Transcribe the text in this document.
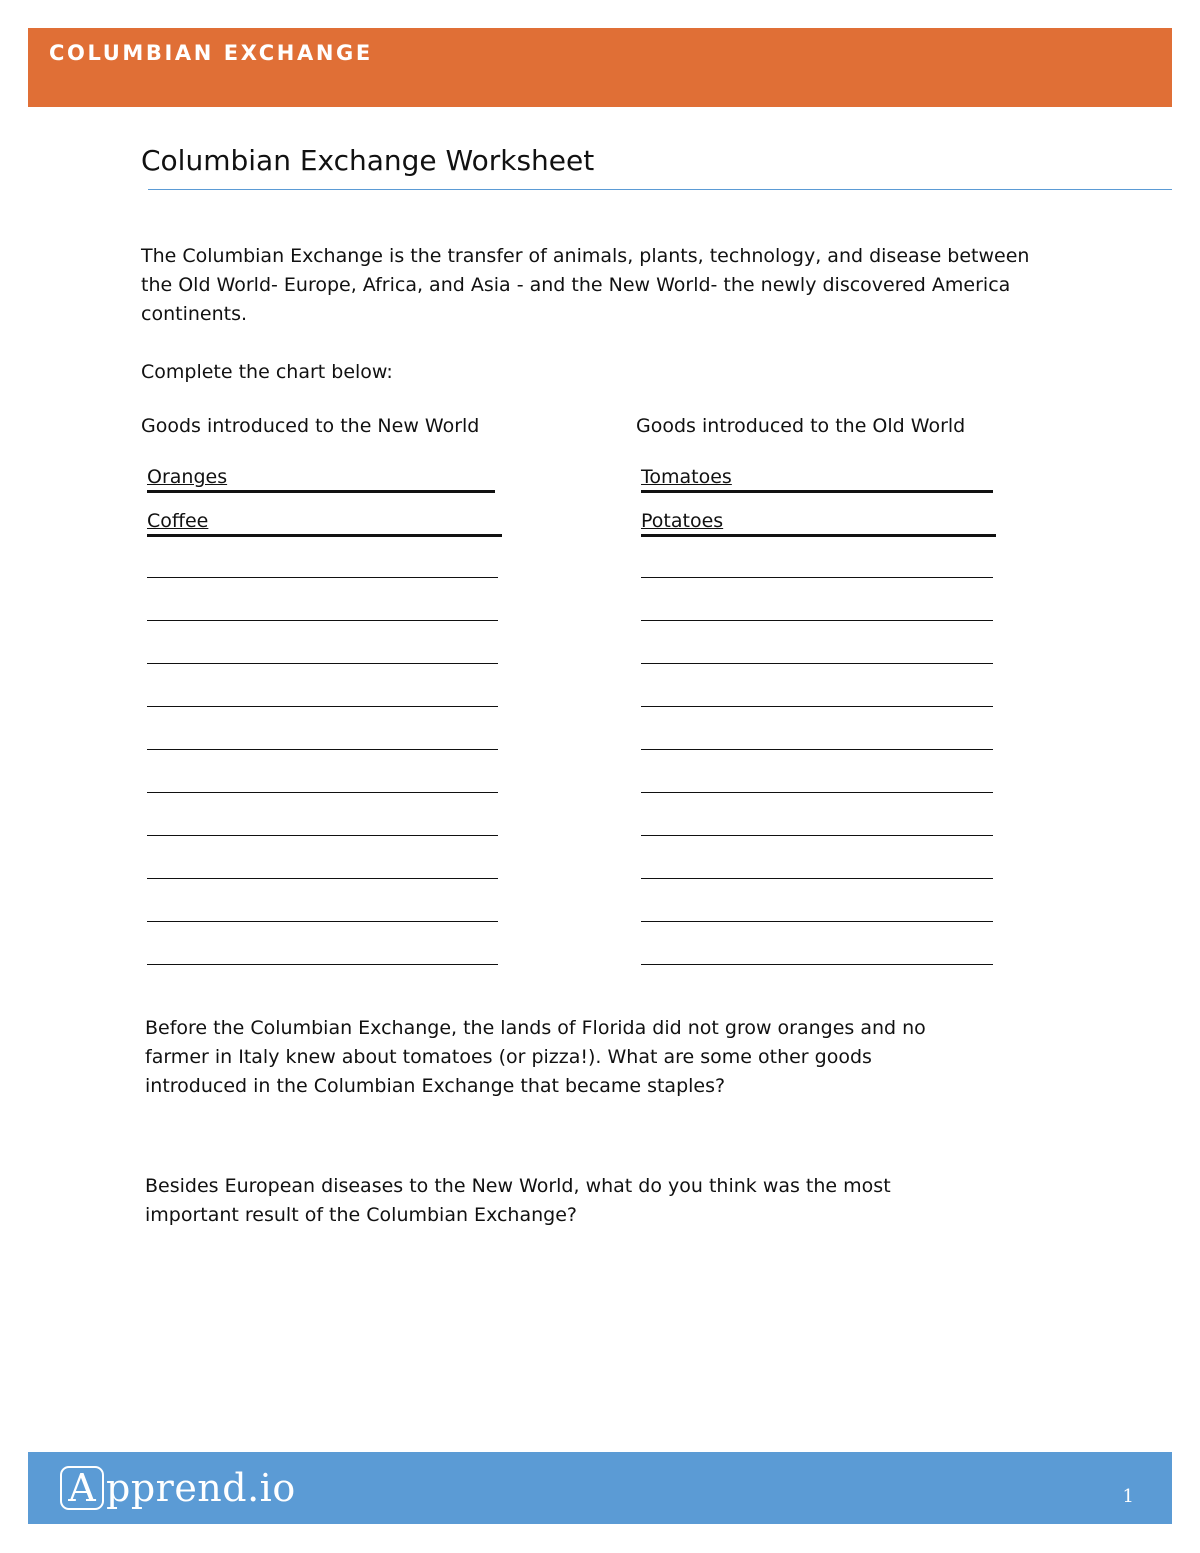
COLUMBIAN EXCHANGE
Columbian Exchange Worksheet
The Columbian Exchange is the transfer of animals, plants, technology, and disease between the Old World- Europe, Africa, and Asia - and the New World- the newly discovered America continents.
Complete the chart below:
Goods introduced to the New World	Goods introduced to the Old World
Oranges
Coffee
Tomatoes
Potatoes
Before the Columbian Exchange, the lands of Florida did not grow oranges and no farmer in Italy knew about tomatoes (or pizza!). What are some other goods introduced in the Columbian Exchange that became staples?
Besides European diseases to the New World, what do you think was the most important result of the Columbian Exchange?
A pprend.io	1
